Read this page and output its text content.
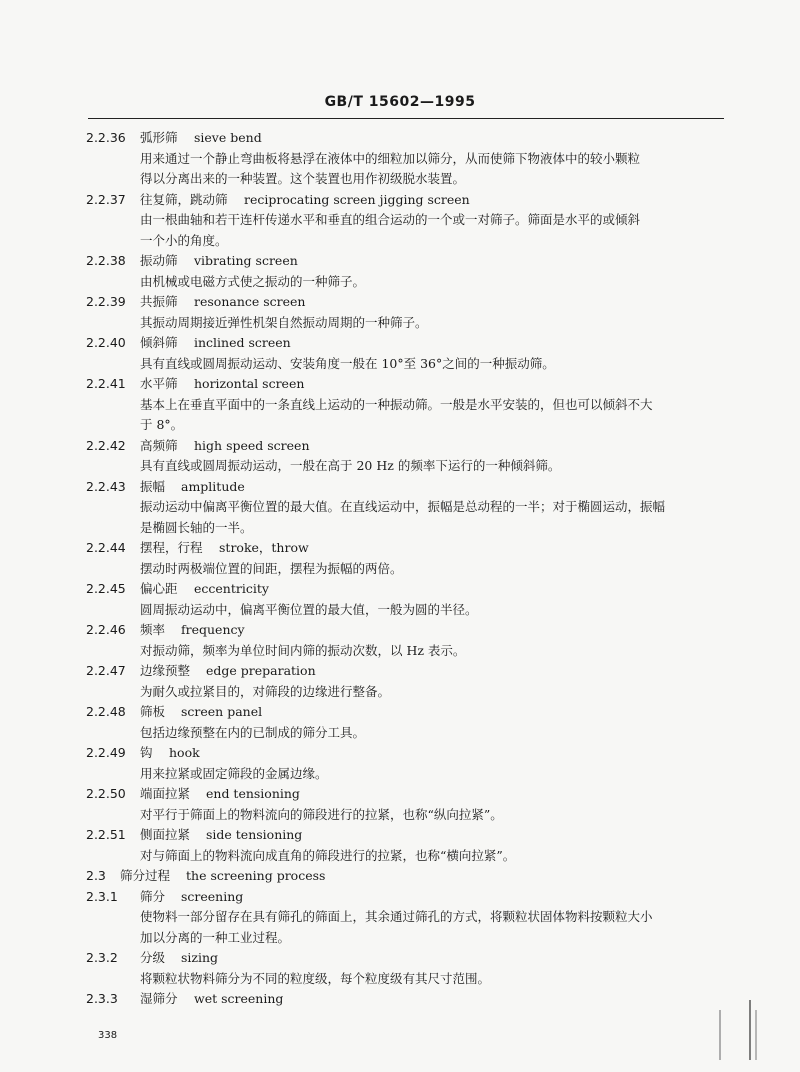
GB/T 15602—1995
2.2.36 弧形筛 sieve bend
用来通过一个静止弯曲板将悬浮在液体中的细粒加以筛分，从而使筛下物液体中的较小颗粒
得以分离出来的一种装置。这个装置也用作初级脱水装置。
2.2.37 往复筛，跳动筛 reciprocating screen jigging screen
由一根曲轴和若干连杆传递水平和垂直的组合运动的一个或一对筛子。筛面是水平的或倾斜
一个小的角度。
2.2.38 振动筛 vibrating screen
由机械或电磁方式使之振动的一种筛子。
2.2.39 共振筛 resonance screen
其振动周期接近弹性机架自然振动周期的一种筛子。
2.2.40 倾斜筛 inclined screen
具有直线或圆周振动运动、安装角度一般在 10°至 36°之间的一种振动筛。
2.2.41 水平筛 horizontal screen
基本上在垂直平面中的一条直线上运动的一种振动筛。一般是水平安装的，但也可以倾斜不大
于 8°。
2.2.42 高频筛 high speed screen
具有直线或圆周振动运动，一般在高于 20 Hz 的频率下运行的一种倾斜筛。
2.2.43 振幅 amplitude
振动运动中偏离平衡位置的最大值。在直线运动中，振幅是总动程的一半；对于椭圆运动，振幅
是椭圆长轴的一半。
2.2.44 摆程，行程 stroke，throw
摆动时两极端位置的间距，摆程为振幅的两倍。
2.2.45 偏心距 eccentricity
圆周振动运动中，偏离平衡位置的最大值，一般为圆的半径。
2.2.46 频率 frequency
对振动筛，频率为单位时间内筛的振动次数，以 Hz 表示。
2.2.47 边缘预整 edge preparation
为耐久或拉紧目的，对筛段的边缘进行整备。
2.2.48 筛板 screen panel
包括边缘预整在内的已制成的筛分工具。
2.2.49 钩 hook
用来拉紧或固定筛段的金属边缘。
2.2.50 端面拉紧 end tensioning
对平行于筛面上的物料流向的筛段进行的拉紧，也称“纵向拉紧”。
2.2.51 侧面拉紧 side tensioning
对与筛面上的物料流向成直角的筛段进行的拉紧，也称“横向拉紧”。
2.3 筛分过程 the screening process
2.3.1 筛分 screening
使物料一部分留存在具有筛孔的筛面上，其余通过筛孔的方式，将颗粒状固体物料按颗粒大小
加以分离的一种工业过程。
2.3.2 分级 sizing
将颗粒状物料筛分为不同的粒度级，每个粒度级有其尺寸范围。
2.3.3 湿筛分 wet screening
338
